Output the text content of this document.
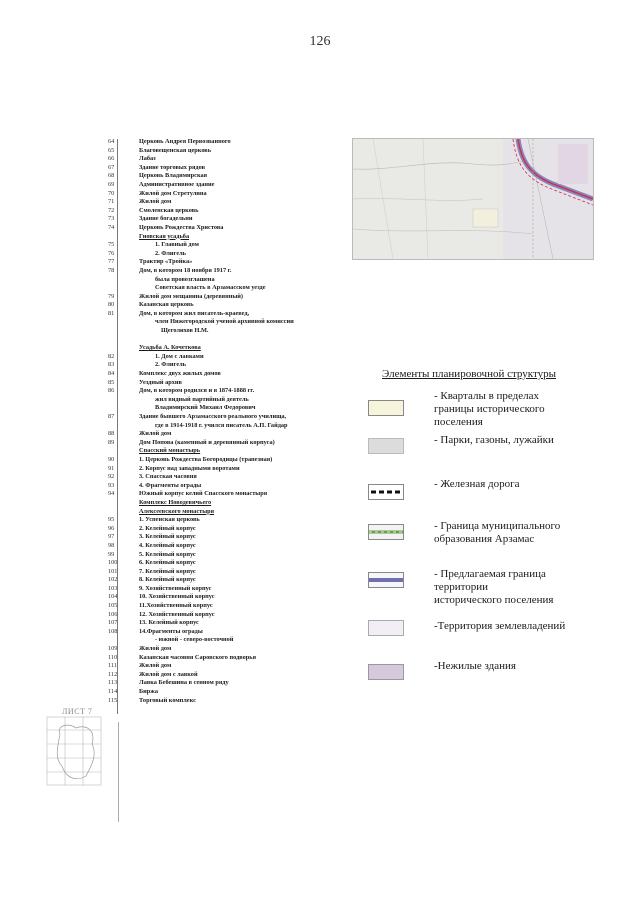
126
64	Церковь Андрея Первозванного
65	Благовещенская церковь
66	Лабаз
67	Здание торговых рядов
68	Церковь Владимирская
69	Административное здание
70	Жилой дом Стретулина
71	Жилой дом
72	Смоленская церковь
73	Здание богадельни
74	Церковь Рождества Христова
Гиовская усадьба
75	1. Главный дом
76	2. Флигель
77	Трактир «Тройка»
78	Дом, в котором 18 ноября 1917 г.
была провозглашена
Советская власть в Арзамасском уезде
79	Жилой дом мещанина (деревянный)
80	Казанская церковь
81	Дом, в котором жил писатель-краевед,
член Нижегородской ученой архивной комиссии
Щеголихов Н.М.
Усадьба А. Кочеткова
82	1. Дом с лавками
83	2. Флигель
84	Комплекс двух жилых домов
85	Уездный архив
86	Дом, в котором родился и в 1874-1888 гг.
жил видный партийный деятель
Владимирский Михаил Федорович
87	Здание бывшего Арзамасского реального училища,
где в 1914-1918 г. учился писатель А.П. Гайдар
88	Жилой дом
89	Дом Попова (каменный и деревянный корпуса)
Спасский монастырь
90	1. Церковь Рождества Богородицы (трапезная)
91	2. Корпус над западными воротами
92	3. Спасская часовня
93	4. Фрагменты ограды
94	Южный корпус келий Спасского монастыря
Комплекс Новодевичьего
Алексеевского монастыря
95	1. Успенская церковь
96	2. Келейный корпус
97	3. Келейный корпус
98	4. Келейный корпус
99	5. Келейный корпус
100	6. Келейный корпус
101	7. Келейный корпус
102	8. Келейный корпус
103	9. Хозяйственный корпус
104	10. Хозяйственный корпус
105	11.Хозяйственный корпус
106	12. Хозяйственный корпус
107	13. Келейный корпус
108	14.Фрагменты ограды
- южной - северо-восточной
109	Жилой дом
110	Казанская часовня Саровского подворья
111	Жилой дом
112	Жилой дом с лавкой
113	Лавка Бебешина в сенном ряду
114	Биржа
115	Торговый комплекс
Элементы планировочной структуры
- Кварталы в пределах
границы исторического
поселения
- Парки, газоны, лужайки
- Железная дорога
- Граница муниципального
образования Арзамас
- Предлагаемая граница
территории
исторического поселения
-Территория землевладений
-Нежилые здания
ЛИСТ 7
